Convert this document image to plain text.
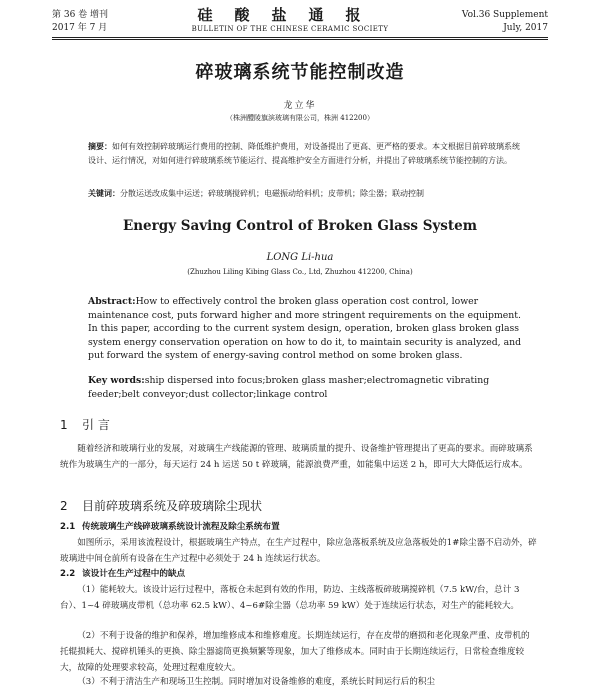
第 36 卷 增刊
2017 年 7 月
硅酸盐通报
BULLETIN OF THE CHINESE CERAMIC SOCIETY
Vol.36 Supplement
July, 2017
碎玻璃系统节能控制改造
龙立华
（株洲醴陵旗滨玻璃有限公司，株洲 412200）
摘要：如何有效控制碎玻璃运行费用的控制、降低维护费用，对设备提出了更高、更严格的要求。本文根据目前碎玻璃系统设计、运行情况，对如何进行碎玻璃系统节能运行、提高维护安全方面进行分析，并提出了碎玻璃系统节能控制的方法。
关键词：分散运送改成集中运送；碎玻璃搅碎机；电磁振动给料机；皮带机；除尘器；联动控制
Energy Saving Control of Broken Glass System
LONG Li-hua
(Zhuzhou Liling Kibing Glass Co., Ltd, Zhuzhou 412200, China)
Abstract:How to effectively control the broken glass operation cost control, lower maintenance cost, puts forward higher and more stringent requirements on the equipment. In this paper, according to the current system design, operation, broken glass broken glass system energy conservation operation on how to do it, to maintain security is analyzed, and put forward the system of energy-saving control method on some broken glass.
Key words:ship dispersed into focus;broken glass masher;electromagnetic vibrating feeder;belt conveyor;dust collector;linkage control
1 引 言
随着经济和玻璃行业的发展，对玻璃生产线能源的管理、玻璃质量的提升、设备维护管理提出了更高的要求。而碎玻璃系统作为玻璃生产的一部分，每天运行 24 h 运送 50 t 碎玻璃，能源浪费严重，如能集中运送 2 h，即可大大降低运行成本。
2 目前碎玻璃系统及碎玻璃除尘现状
2.1 传统玻璃生产线碎玻璃系统设计流程及除尘系统布置
如图所示，采用该流程设计，根据玻璃生产特点，在生产过程中，除应急落板系统及应急落板处的1#除尘器不启动外，碎玻璃进中间仓前所有设备在生产过程中必须处于 24 h 连续运行状态。
2.2 该设计在生产过程中的缺点
（1）能耗较大。该设计运行过程中，落板仓未起到有效的作用，防边、主线落板碎玻璃搅碎机（7.5 kW/台，总计 3 台）、1~4 碎玻璃皮带机（总功率 62.5 kW）、4~6#除尘器（总功率 59 kW）处于连续运行状态，对生产的能耗较大。
（2）不利于设备的维护和保养，增加维修成本和维修难度。长期连续运行，存在皮带的磨损和老化现象严重、皮带机的托辊损耗大、搅碎机锤头的更换、除尘器滤筒更换频繁等现象，加大了维修成本。同时由于长期连续运行，日常检查维度较大，故障的处理要求较高，处理过程难度较大。
（3）不利于清洁生产和现场卫生控制。同时增加对设备维修的难度，系统长时间运行后的积尘
